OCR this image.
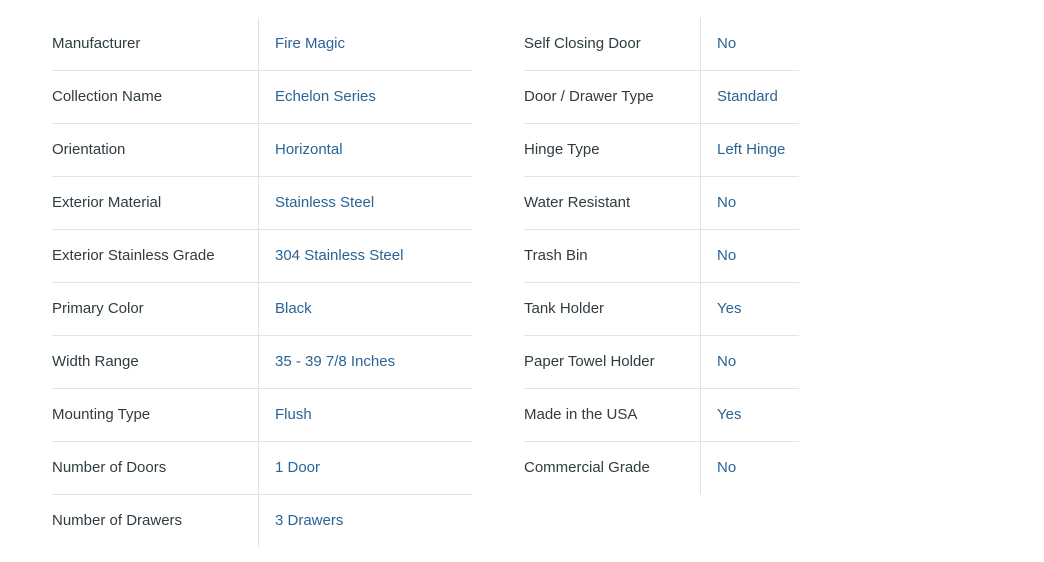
Manufacturer	Fire Magic
Collection Name	Echelon Series
Orientation	Horizontal
Exterior Material	Stainless Steel
Exterior Stainless Grade	304 Stainless Steel
Primary Color	Black
Width Range	35 - 39 7/8 Inches
Mounting Type	Flush
Number of Doors	1 Door
Number of Drawers	3 Drawers
Self Closing Door	No
Door / Drawer Type	Standard
Hinge Type	Left Hinge
Water Resistant	No
Trash Bin	No
Tank Holder	Yes
Paper Towel Holder	No
Made in the USA	Yes
Commercial Grade	No
